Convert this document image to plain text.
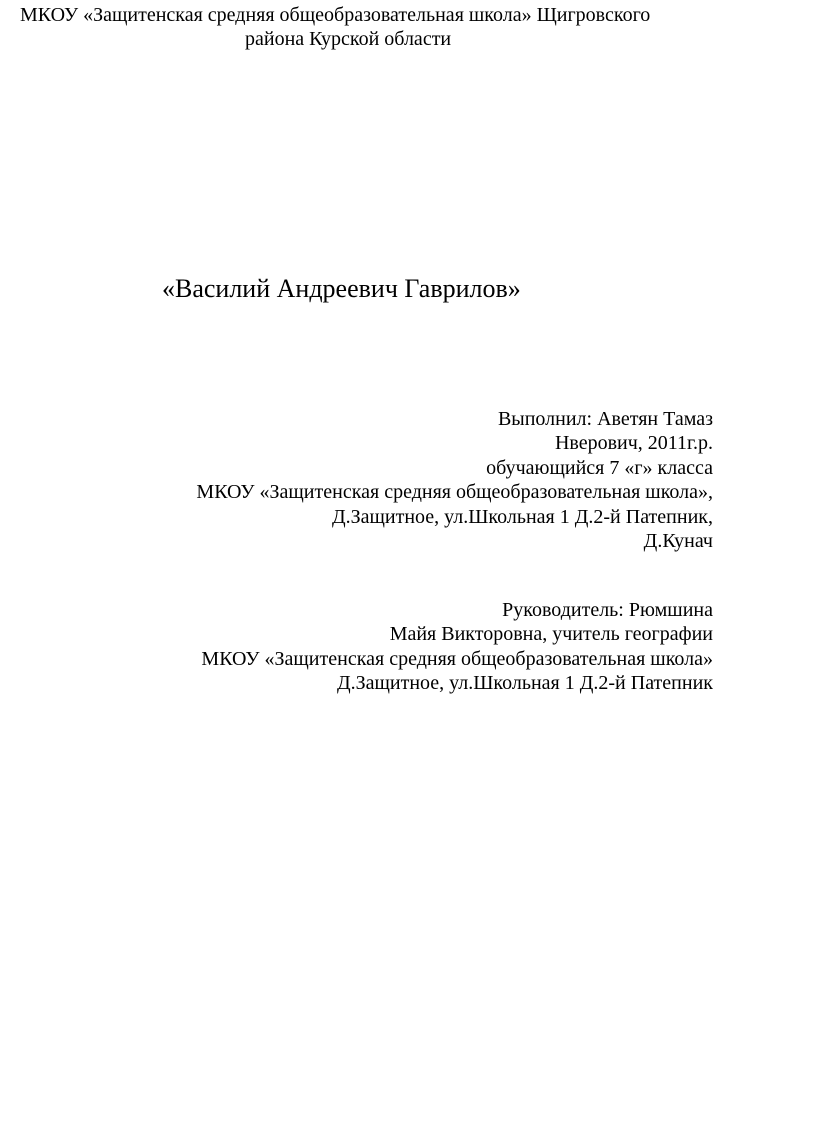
МКОУ «Защитенская средняя общеобразовательная школа» Щигровского
района Курской области
«Василий Андреевич Гаврилов»
Выполнил: Аветян Тамаз
Нверович, 2011г.р.
обучающийся 7 «г» класса
МКОУ «Защитенская средняя общеобразовательная школа»,
Д.Защитное, ул.Школьная 1 Д.2-й Патепник,
Д.Кунач
Руководитель: Рюмшина
Майя Викторовна, учитель географии
МКОУ «Защитенская средняя общеобразовательная школа»
Д.Защитное, ул.Школьная 1 Д.2-й Патепник
